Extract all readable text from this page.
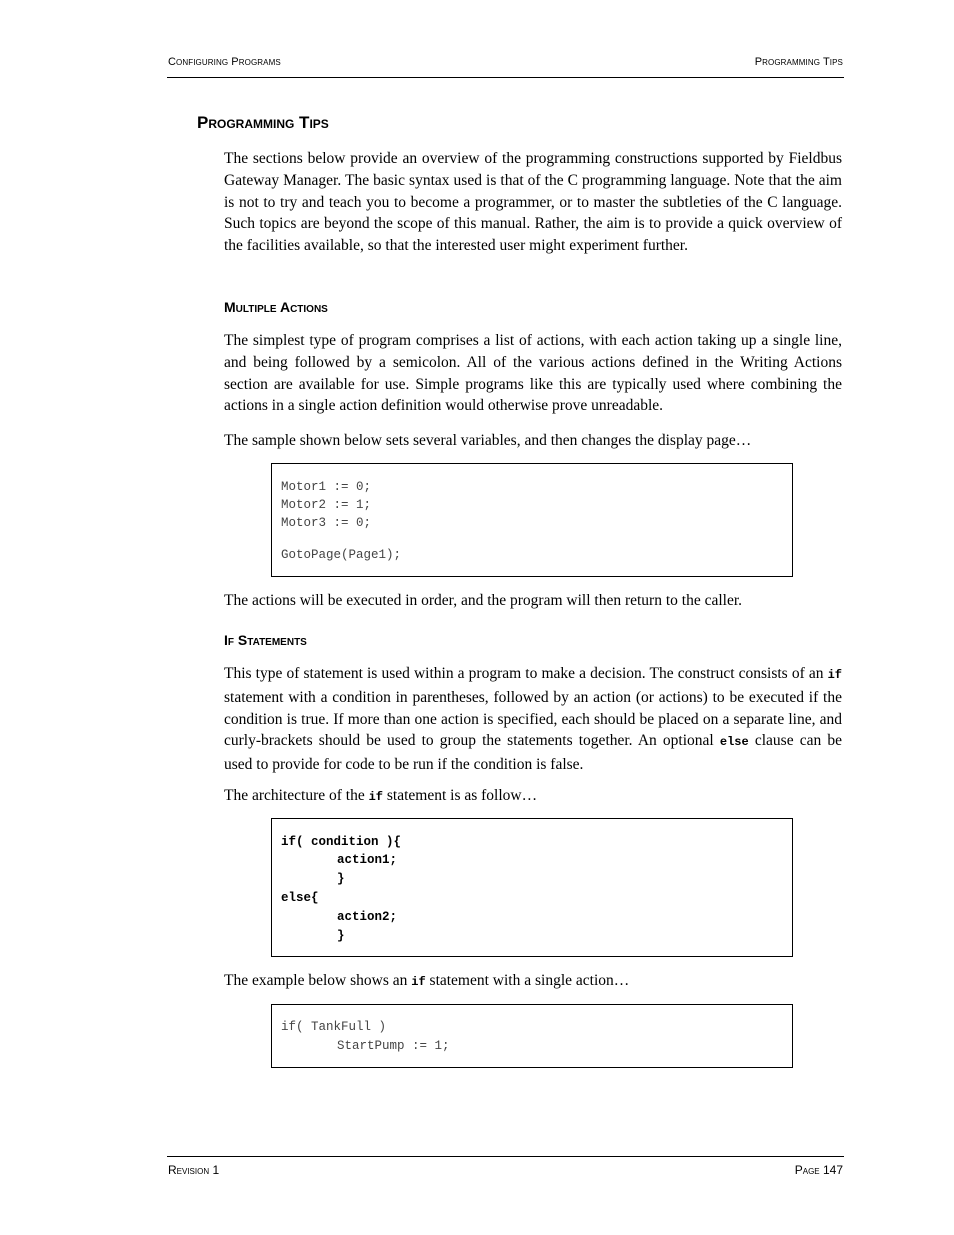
Configuring Programs	Programming Tips
Programming Tips

The sections below provide an overview of the programming constructions supported by Fieldbus Gateway Manager. The basic syntax used is that of the C programming language. Note that the aim is not to try and teach you to become a programmer, or to master the subtleties of the C language. Such topics are beyond the scope of this manual. Rather, the aim is to provide a quick overview of the facilities available, so that the interested user might experiment further.

Multiple Actions

The simplest type of program comprises a list of actions, with each action taking up a single line, and being followed by a semicolon. All of the various actions defined in the Writing Actions section are available for use. Simple programs like this are typically used where combining the actions in a single action definition would otherwise prove unreadable.

The sample shown below sets several variables, and then changes the display page…

Motor1 := 0;
Motor2 := 1;
Motor3 := 0;
GotoPage(Page1);

The actions will be executed in order, and the program will then return to the caller.

If Statements

This type of statement is used within a program to make a decision. The construct consists of an if statement with a condition in parentheses, followed by an action (or actions) to be executed if the condition is true. If more than one action is specified, each should be placed on a separate line, and curly-brackets should be used to group the statements together. An optional else clause can be used to provide for code to be run if the condition is false.

The architecture of the if statement is as follow…

if( condition ){
action1;
}
else{
action2;
}

The example below shows an if statement with a single action…

if( TankFull )
StartPump := 1;
Revision 1	Page 147
